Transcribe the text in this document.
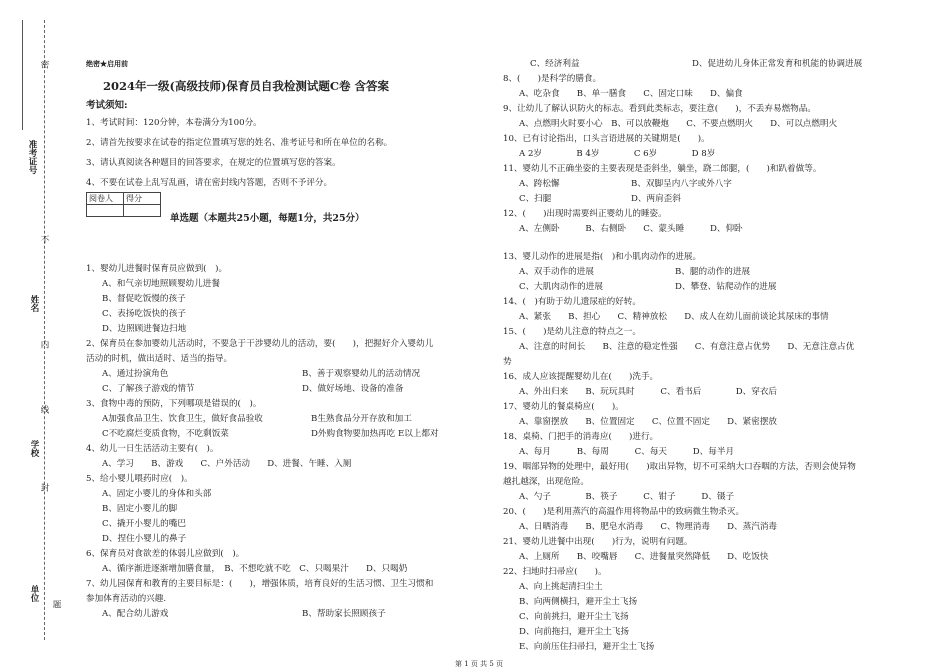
密
不
内
线
封
题
准考证号
姓名
学校
单位
绝密★启用前
2024年一级(高级技师)保育员自我检测试题C卷 含答案
考试须知:
1、考试时间：120分钟，本卷满分为100分。
2、请首先按要求在试卷的指定位置填写您的姓名、准考证号和所在单位的名称。
3、请认真阅读各种题目的回答要求，在规定的位置填写您的答案。
4、不要在试卷上乱写乱画，请在密封线内答题，否则不予评分。
阅卷人	得分

单选题（本题共25小题，每题1分，共25分）
1、婴幼儿进餐时保育员应做到(　)。
A、和气亲切地照顾婴幼儿进餐
B、督促吃饭慢的孩子
C、表扬吃饭快的孩子
D、边照顾进餐边扫地
2、保育员在参加婴幼儿活动时，不要急于干涉婴幼儿的活动，要(　　)，把握好介入婴幼儿
活动的时机，做出适时、适当的指导。
A、通过扮演角色	B、善于观察婴幼儿的活动情况
C、了解孩子游戏的情节	D、做好场地、设备的准备
3、食物中毒的预防，下列哪项是错误的(　)。
A加强食品卫生、饮食卫生，做好食品验收	B生熟食品分开存放和加工
C不吃腐烂变质食物，不吃剩饭菜	D外购食物要加热再吃 E以上都对
4、幼儿一日生活活动主要有(　)。
A、学习　　B、游戏　　C、户外活动　　D、进餐、午睡、入厕
5、给小婴儿喂药时应(　)。
A、固定小婴儿的身体和头部
B、固定小婴儿的脚
C、撬开小婴儿的嘴巴
D、捏住小婴儿的鼻子
6、保育员对食欲差的体弱儿应做到(　)。
A、循序渐进逐渐增加膳食量，　B、不想吃就不吃　C、只喝果汁　　D、只喝奶
7、幼儿园保育和教育的主要目标是：(　　)，增强体质，培育良好的生活习惯、卫生习惯和
参加体育活动的兴趣.
A、配合幼儿游戏	B、帮助家长照顾孩子
C、经济利益	D、促进幼儿身体正常发育和机能的协调进展
8、(　　)是科学的膳食。
A、吃杂食　　B、单一膳食　　C、固定口味　　D、偏食
9、让幼儿了解认识防火的标志。看到此类标志，要注意(　　)，不丢弃易燃物品。
A、点燃明火时要小心　B、可以放鞭炮　　C、不要点燃明火　　D、可以点燃明火
10、已有讨论指出，口头言语进展的关键期是(　　)。
A 2岁　　　　B 4岁　　　　C 6岁　　　　D 8岁
11、婴幼儿不正确坐姿的主要表现是歪斜坐，躺坐，跷二郎腿，(　　)和趴着做等。
A、跨松懈	B、双脚呈内八字或外八字
C、扫腿	D、两肩歪斜
12、(　　)出现时需要纠正婴幼儿的睡姿。
A、左侧卧　　　B、右侧卧　　C、蒙头睡　　　D、仰卧
13、婴儿动作的进展是指(　)和小肌肉动作的进展。
A、双手动作的进展	B、腿的动作的进展
C、大肌肉动作的进展	D、攀登、钻爬动作的进展
14、(　)有助于幼儿遗尿症的好转。
A、紧张　　B、担心　　C、精神放松　　D、成人在幼儿面前谈论其尿床的事情
15、(　　)是幼儿注意的特点之一。
A、注意的时间长　　B、注意的稳定性强　　C、有意注意占优势　　D、无意注意占优
势
16、成人应该提醒婴幼儿在(　　)洗手。
A、外出归来　　B、玩玩具时　　　C、看书后　　　　D、穿衣后
17、婴幼儿的餐桌椅应(　　)。
A、靠窗摆放　　B、位置固定　　C、位置不固定　　D、紧密摆放
18、桌椅、门把手的消毒应(　　)进行。
A、每月　　　B、每周　　　C、每天　　　D、每半月
19、咽部异物的处理中，最好用(　　)取出异物，切不可采纳大口吞咽的方法，否则会使异物
越扎越深，出现危险。
A、勺子　　　　B、筷子　　　C、钳子　　　D、镊子
20、(　　)是利用蒸汽的高温作用将物品中的致病微生物杀灭。
A、日晒消毒　　B、肥皂水消毒　　C、物理消毒　　D、蒸汽消毒
21、婴幼儿进餐中出现(　　)行为，说明有问题。
A、上厕所　　B、咬嘴唇　　C、进餐量突然降低　　D、吃饭快
22、扫地时扫帚应(　　)。
A、向上挑起清扫尘土
B、向两侧横扫，避开尘土飞扬
C、向前挑扫，避开尘土飞扬
D、向前拖扫，避开尘土飞扬
E、向前压住扫帚扫，避开尘土飞扬
第 1 页 共 5 页
